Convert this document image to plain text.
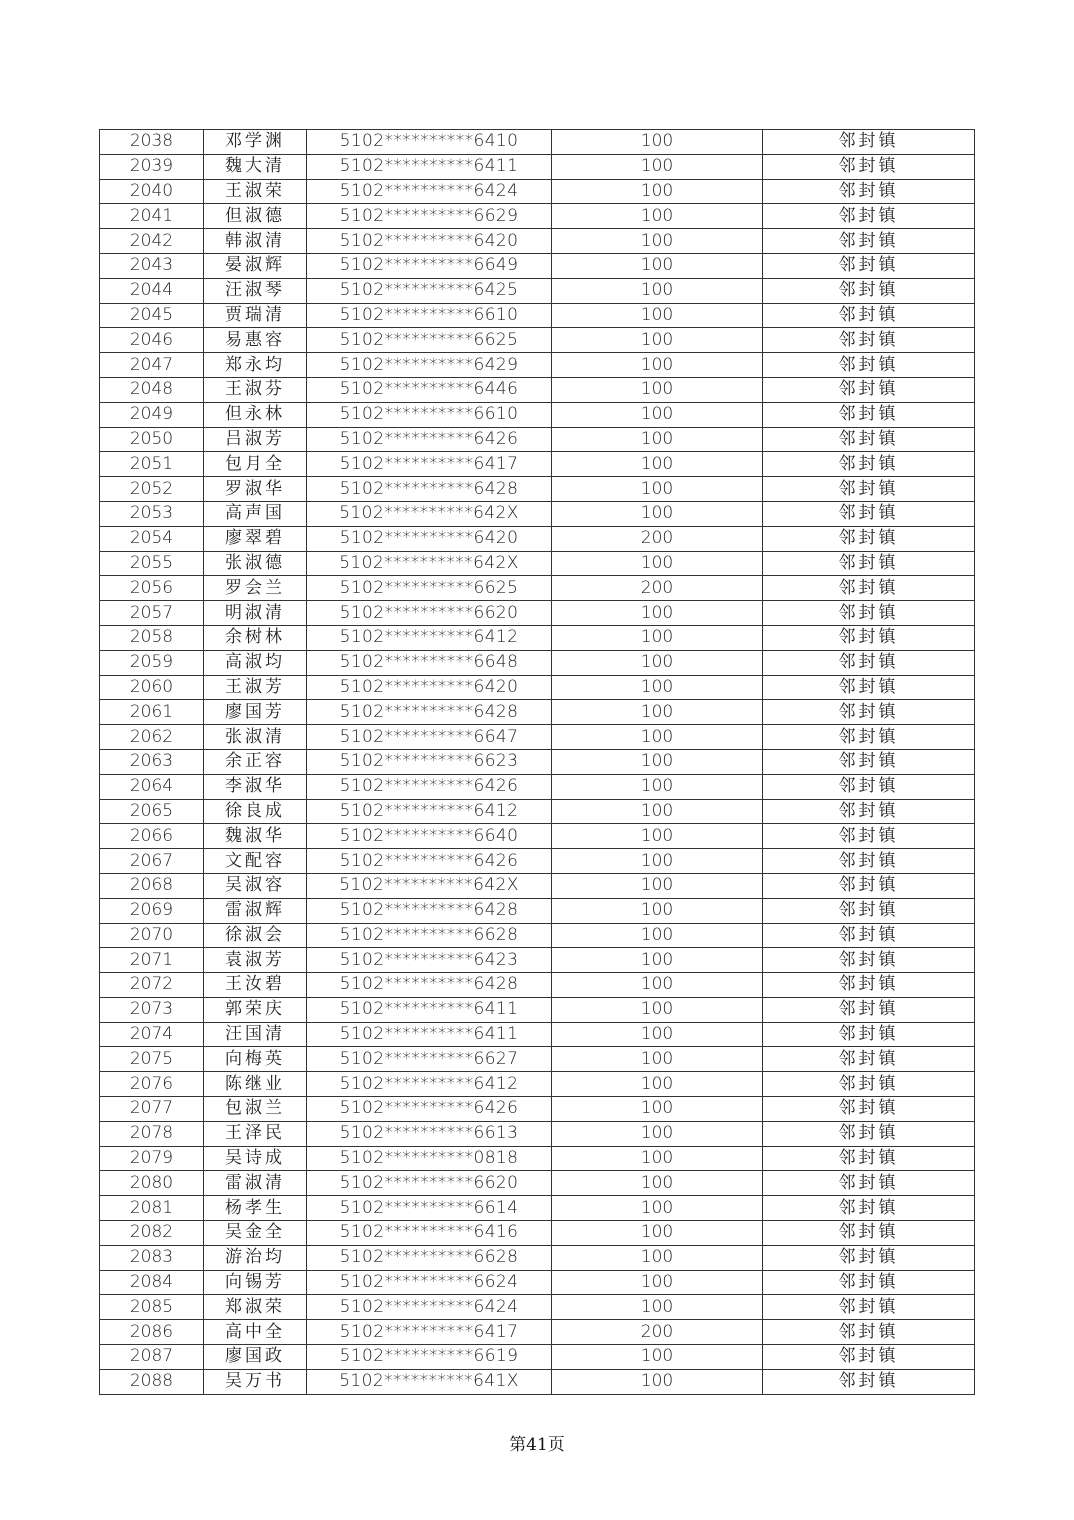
2038	邓学渊	5102**********6410	100	邻封镇
2039	魏大清	5102**********6411	100	邻封镇
2040	王淑荣	5102**********6424	100	邻封镇
2041	但淑德	5102**********6629	100	邻封镇
2042	韩淑清	5102**********6420	100	邻封镇
2043	晏淑辉	5102**********6649	100	邻封镇
2044	汪淑琴	5102**********6425	100	邻封镇
2045	贾瑞清	5102**********6610	100	邻封镇
2046	易惠容	5102**********6625	100	邻封镇
2047	郑永均	5102**********6429	100	邻封镇
2048	王淑芬	5102**********6446	100	邻封镇
2049	但永林	5102**********6610	100	邻封镇
2050	吕淑芳	5102**********6426	100	邻封镇
2051	包月全	5102**********6417	100	邻封镇
2052	罗淑华	5102**********6428	100	邻封镇
2053	高声国	5102**********642X	100	邻封镇
2054	廖翠碧	5102**********6420	200	邻封镇
2055	张淑德	5102**********642X	100	邻封镇
2056	罗会兰	5102**********6625	200	邻封镇
2057	明淑清	5102**********6620	100	邻封镇
2058	余树林	5102**********6412	100	邻封镇
2059	高淑均	5102**********6648	100	邻封镇
2060	王淑芳	5102**********6420	100	邻封镇
2061	廖国芳	5102**********6428	100	邻封镇
2062	张淑清	5102**********6647	100	邻封镇
2063	余正容	5102**********6623	100	邻封镇
2064	李淑华	5102**********6426	100	邻封镇
2065	徐良成	5102**********6412	100	邻封镇
2066	魏淑华	5102**********6640	100	邻封镇
2067	文配容	5102**********6426	100	邻封镇
2068	吴淑容	5102**********642X	100	邻封镇
2069	雷淑辉	5102**********6428	100	邻封镇
2070	徐淑会	5102**********6628	100	邻封镇
2071	袁淑芳	5102**********6423	100	邻封镇
2072	王汝碧	5102**********6428	100	邻封镇
2073	郭荣庆	5102**********6411	100	邻封镇
2074	汪国清	5102**********6411	100	邻封镇
2075	向梅英	5102**********6627	100	邻封镇
2076	陈继业	5102**********6412	100	邻封镇
2077	包淑兰	5102**********6426	100	邻封镇
2078	王泽民	5102**********6613	100	邻封镇
2079	吴诗成	5102**********0818	100	邻封镇
2080	雷淑清	5102**********6620	100	邻封镇
2081	杨孝生	5102**********6614	100	邻封镇
2082	吴金全	5102**********6416	100	邻封镇
2083	游治均	5102**********6628	100	邻封镇
2084	向锡芳	5102**********6624	100	邻封镇
2085	郑淑荣	5102**********6424	100	邻封镇
2086	高中全	5102**********6417	200	邻封镇
2087	廖国政	5102**********6619	100	邻封镇
2088	吴万书	5102**********641X	100	邻封镇
第41页
